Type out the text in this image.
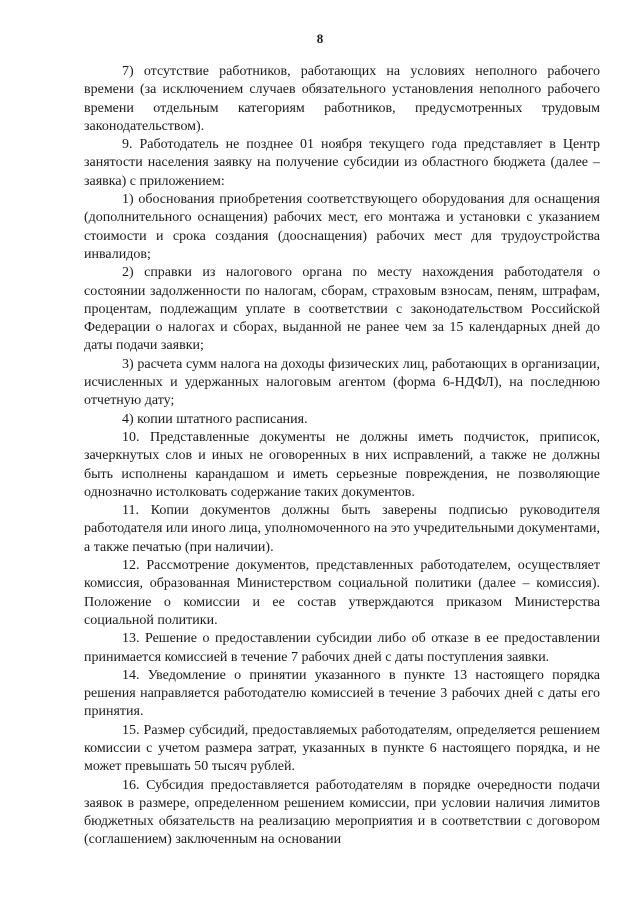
8

7) отсутствие работников, работающих на условиях неполного рабочего времени (за исключением случаев обязательного установления неполного рабочего времени отдельным категориям работников, предусмотренных трудовым законодательством).

9. Работодатель не позднее 01 ноября текущего года представляет в Центр занятости населения заявку на получение субсидии из областного бюджета (далее – заявка) с приложением:

1) обоснования приобретения соответствующего оборудования для оснащения (дополнительного оснащения) рабочих мест, его монтажа и установки с указанием стоимости и срока создания (дооснащения) рабочих мест для трудоустройства инвалидов;

2) справки из налогового органа по месту нахождения работодателя о состоянии задолженности по налогам, сборам, страховым взносам, пеням, штрафам, процентам, подлежащим уплате в соответствии с законодательством Российской Федерации о налогах и сборах, выданной не ранее чем за 15 календарных дней до даты подачи заявки;

3) расчета сумм налога на доходы физических лиц, работающих в организации, исчисленных и удержанных налоговым агентом (форма 6-НДФЛ), на последнюю отчетную дату;

4) копии штатного расписания.

10. Представленные документы не должны иметь подчисток, приписок, зачеркнутых слов и иных не оговоренных в них исправлений, а также не должны быть исполнены карандашом и иметь серьезные повреждения, не позволяющие однозначно истолковать содержание таких документов.

11. Копии документов должны быть заверены подписью руководителя работодателя или иного лица, уполномоченного на это учредительными документами, а также печатью (при наличии).

12. Рассмотрение документов, представленных работодателем, осуществляет комиссия, образованная Министерством социальной политики (далее – комиссия). Положение о комиссии и ее состав утверждаются приказом Министерства социальной политики.

13. Решение о предоставлении субсидии либо об отказе в ее предоставлении принимается комиссией в течение 7 рабочих дней с даты поступления заявки.

14. Уведомление о принятии указанного в пункте 13 настоящего порядка решения направляется работодателю комиссией в течение 3 рабочих дней с даты его принятия.

15. Размер субсидий, предоставляемых работодателям, определяется решением комиссии с учетом размера затрат, указанных в пункте 6 настоящего порядка, и не может превышать 50 тысяч рублей.

16. Субсидия предоставляется работодателям в порядке очередности подачи заявок в размере, определенном решением комиссии, при условии наличия лимитов бюджетных обязательств на реализацию мероприятия и в соответствии с договором (соглашением) заключенным на основании
